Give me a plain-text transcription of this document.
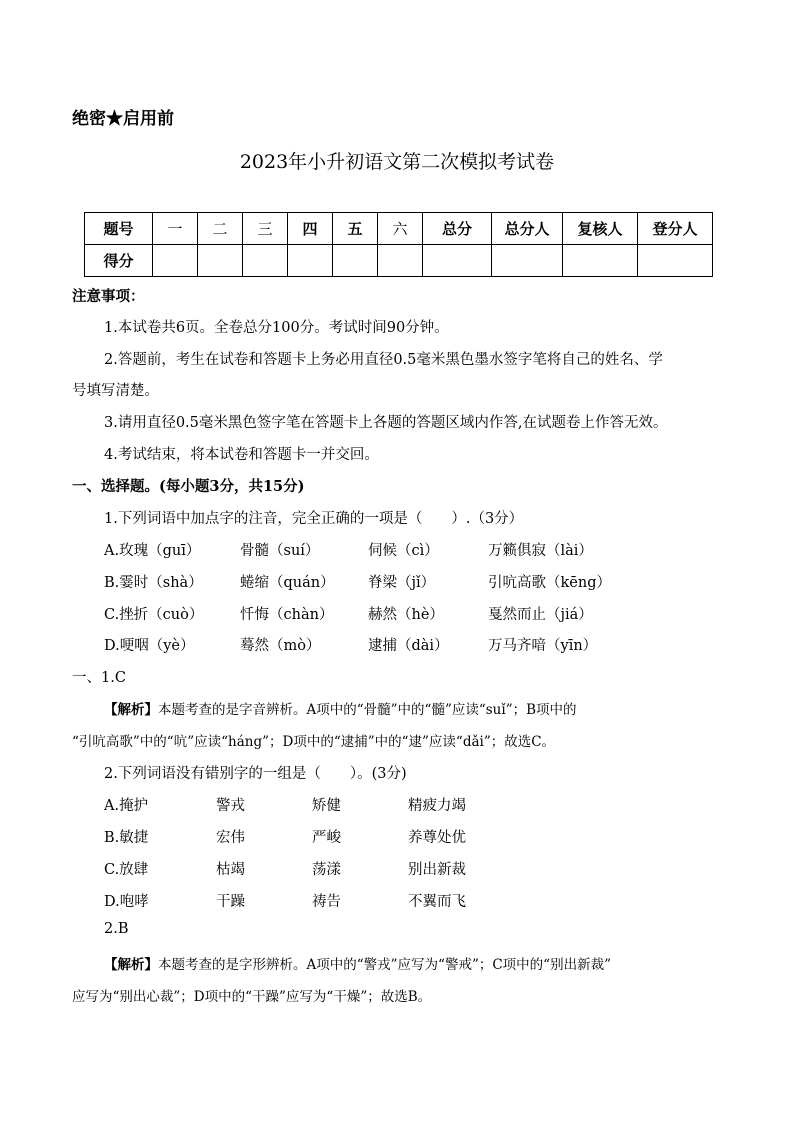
绝密★启用前
2023年小升初语文第二次模拟考试卷
题号	一	二	三	四	五	六	总分	总分人	复核人	登分人
得分										
注意事项：
1.本试卷共6页。全卷总分100分。考试时间90分钟。
2.答题前，考生在试卷和答题卡上务必用直径0.5毫米黑色墨水签字笔将自己的姓名、学
号填写清楚。
3.请用直径0.5毫米黑色签字笔在答题卡上各题的答题区域内作答,在试题卷上作答无效。
4.考试结束，将本试卷和答题卡一并交回。
一、选择题。(每小题3分，共15分)
1.下列词语中加点字的注音，完全正确的一项是（　　）.（3分）
A.玫瑰（guī）	骨髓（suí）	伺候（cì）	万籁俱寂（lài）
B.霎时（shà）	蜷缩（quán） 脊梁（jǐ）	引吭高歌（kēng）
C.挫折（cuò）	忏悔（chàn） 赫然（hè）	戛然而止（jiá）
D.哽咽（yè）	蓦然（mò）	逮捕（dài）	万马齐喑（yīn）
一、1.C
【解析】本题考查的是字音辨析。A项中的“骨髓”中的“髓”应读“suǐ”；B项中的
“引吭高歌”中的“吭”应读“háng”；D项中的“逮捕”中的“逮”应读“dǎi”；故选C。
2.下列词语没有错别字的一组是（　　）。(3分)
A.掩护	警戎	矫健	精疲力竭
B.敏捷	宏伟	严峻	养尊处优
C.放肆	枯竭	荡漾	别出新裁
D.咆哮	干躁	祷告	不翼而飞
2.B
【解析】本题考查的是字形辨析。A项中的“警戎”应写为“警戒”；C项中的“别出新裁”
应写为“别出心裁”；D项中的“干躁”应写为“干燥”；故选B。
